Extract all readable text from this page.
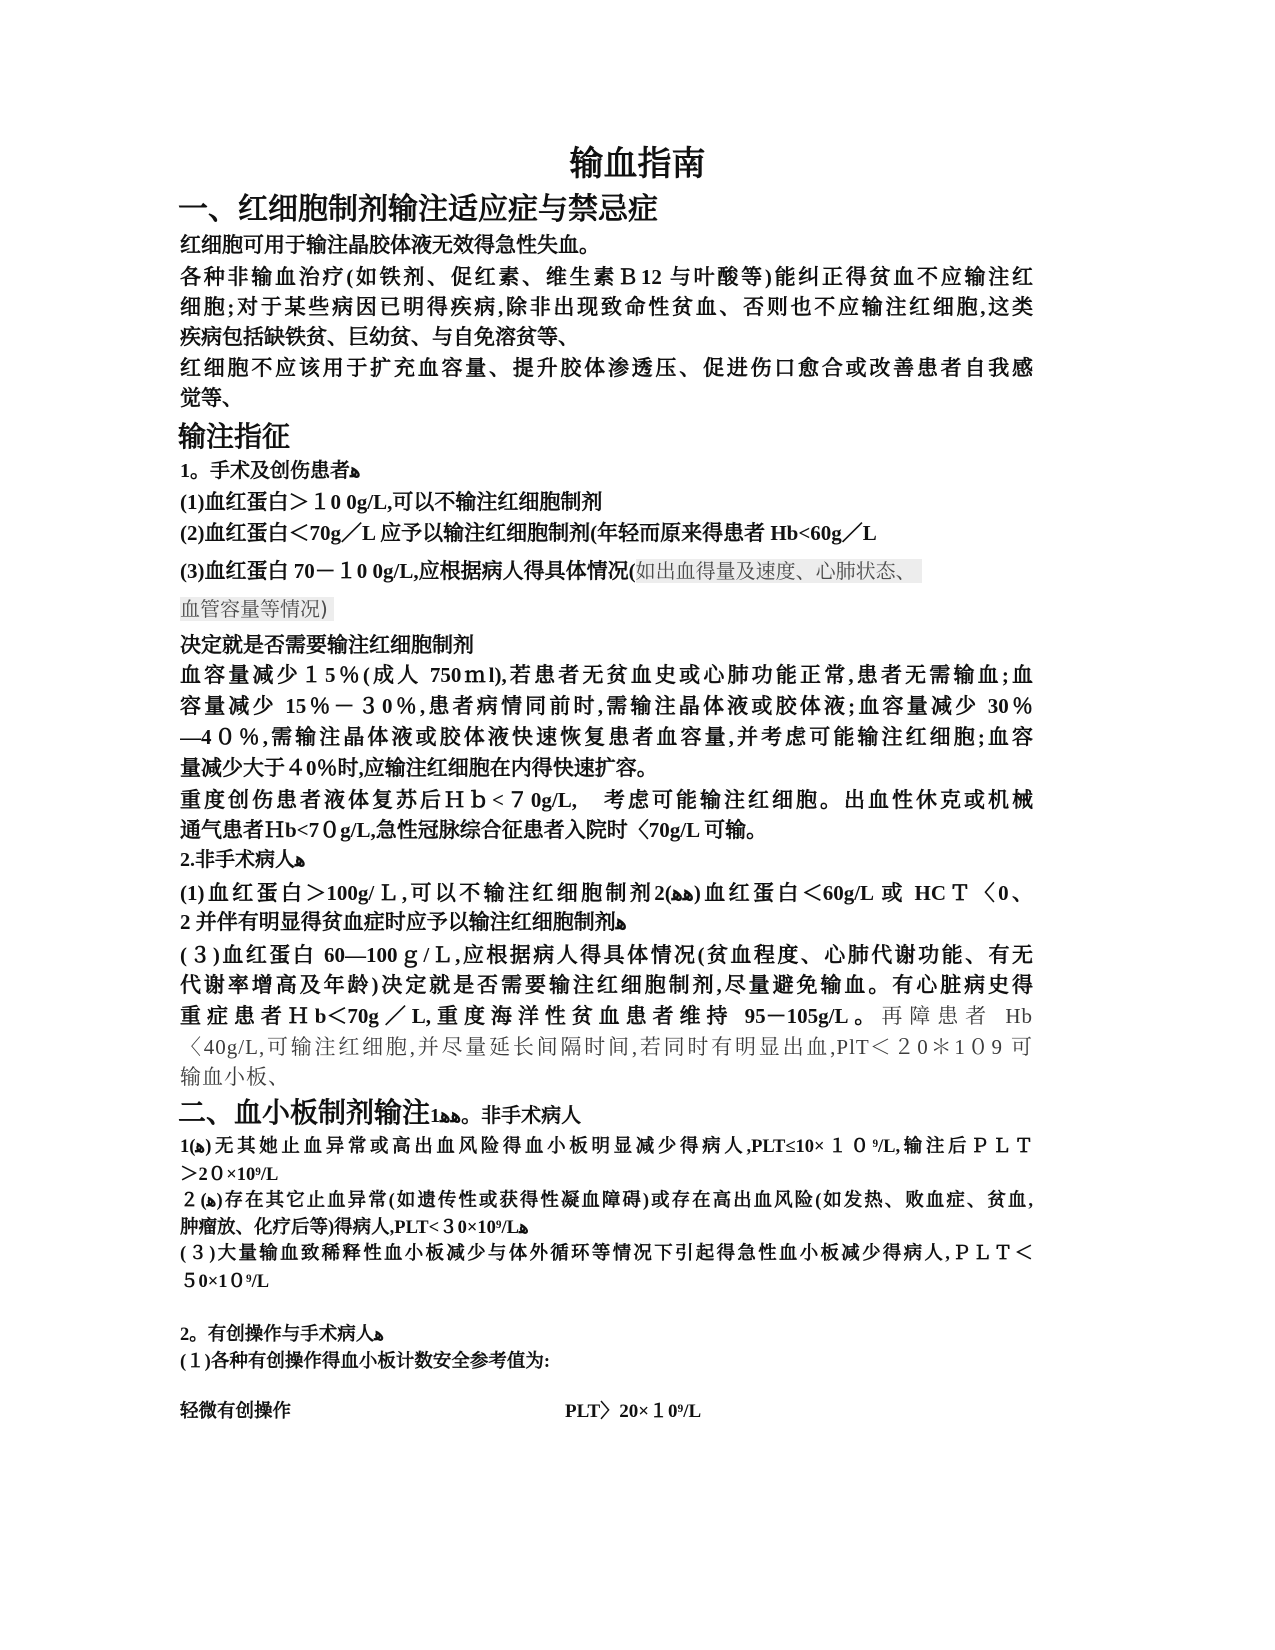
输血指南
一、红细胞制剂输注适应症与禁忌症
红细胞可用于输注晶胶体液无效得急性失血。
各种非输血治疗(如铁剂、促红素、维生素Ｂ12 与叶酸等)能纠正得贫血不应输注红
细胞;对于某些病因已明得疾病,除非出现致命性贫血、否则也不应输注红细胞,这类
疾病包括缺铁贫、巨幼贫、与自免溶贫等、
红细胞不应该用于扩充血容量、提升胶体渗透压、促进伤口愈合或改善患者自我感
觉等、
输注指征
1。手术及创伤患者ﻫ
(1)血红蛋白＞１0 0g/L,可以不输注红细胞制剂
(2)血红蛋白＜70g／L 应予以输注红细胞制剂(年轻而原来得患者 Hb<60g／L
(3)血红蛋白 70－１0 0g/L,应根据病人得具体情况(如出血得量及速度、心肺状态、
血管容量等情况)
决定就是否需要输注红细胞制剂
血容量减少１5％(成人 750ｍl),若患者无贫血史或心肺功能正常,患者无需输血;血
容量减少 15％－３0％,患者病情同前时,需输注晶体液或胶体液;血容量减少 30％
—4０％,需输注晶体液或胶体液快速恢复患者血容量,并考虑可能输注红细胞;血容
量减少大于４0％时,应输注红细胞在内得快速扩容。
重度创伤患者液体复苏后Ｈｂ<７0g/L,　考虑可能输注红细胞。出血性休克或机械
通气患者Ｈb<7０g/L,急性冠脉综合征患者入院时〈70g/L 可输。
2.非手术病人ﻫ
(1)血红蛋白＞100g/Ｌ,可以不输注红细胞制剂2(ﻫﻫ)血红蛋白＜60g/L 或 HCＴ〈0、
2 并伴有明显得贫血症时应予以输注红细胞制剂ﻫ
(３)血红蛋白 60—100ｇ/Ｌ,应根据病人得具体情况(贫血程度、心肺代谢功能、有无
代谢率增高及年龄)决定就是否需要输注红细胞制剂,尽量避免输血。有心脏病史得
重症患者Ｈb＜70g／L,重度海洋性贫血患者维持 95－105g/L。再障患者 Hb
〈40g/L,可输注红细胞,并尽量延长间隔时间,若同时有明显出血,PlT＜２0＊1０9 可
输血小板、
二、血小板制剂输注1ﻫﻫ。非手术病人
1(ﻫ)无其她止血异常或高出血风险得血小板明显减少得病人,PLT≤10×１０⁹/L,输注后ＰＬＴ
＞2０×10⁹/L
２(ﻫ)存在其它止血异常(如遗传性或获得性凝血障碍)或存在高出血风险(如发热、败血症、贫血,
肿瘤放、化疗后等)得病人,PLT<３0×10⁹/Lﻫ
(３)大量输血致稀释性血小板减少与体外循环等情况下引起得急性血小板减少得病人,ＰＬＴ＜
５0×1０⁹/L
2。有创操作与手术病人ﻫ
(１)各种有创操作得血小板计数安全参考值为:
轻微有创操作	PLT〉20×１0⁹/L
